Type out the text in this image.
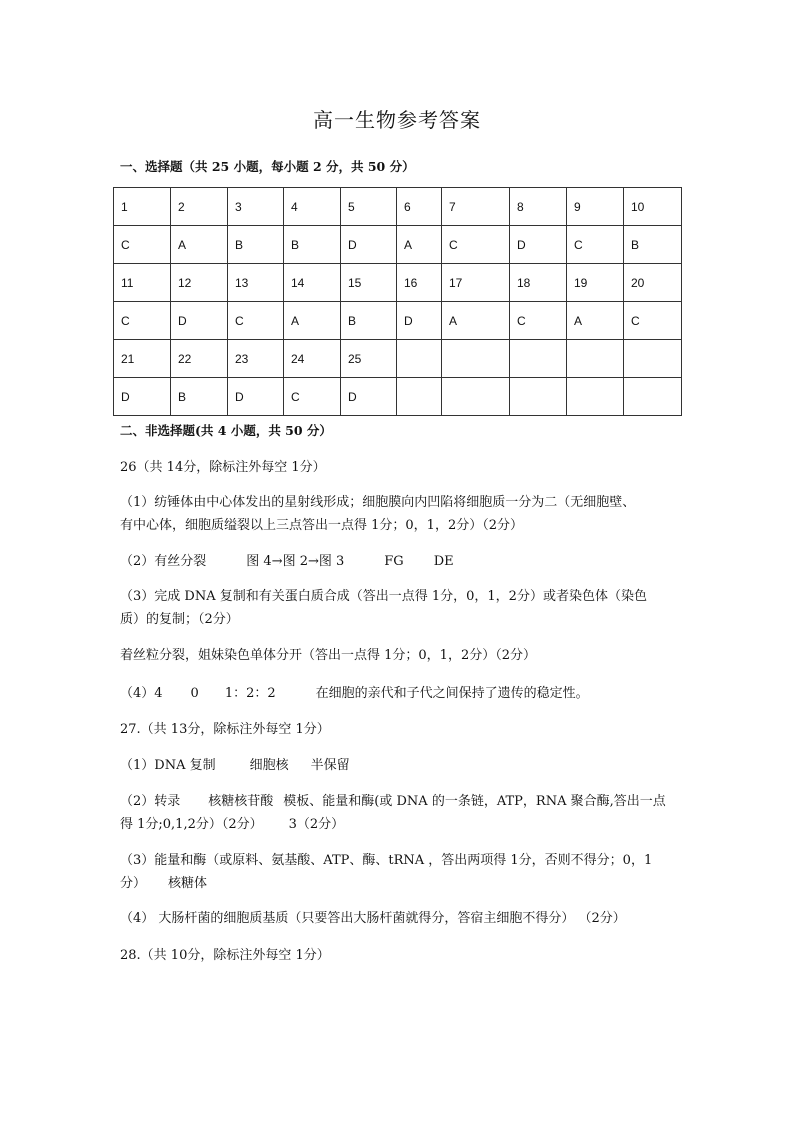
高一生物参考答案
一、选择题（共 25 小题，每小题 2 分，共 50 分）
1	2	3	4	5	6	7	8	9	10
C	A	B	B	D	A	C	D	C	B
11	12	13	14	15	16	17	18	19	20
C	D	C	A	B	D	A	C	A	C
21	22	23	24	25					
D	B	D	C	D					
二、非选择题(共 4 小题，共 50 分）
26（共 14分，除标注外每空 1分）
（1）纺锤体由中心体发出的星射线形成；细胞膜向内凹陷将细胞质一分为二（无细胞壁、
有中心体，细胞质缢裂以上三点答出一点得 1分；0，1，2分）（2分）
（2）有丝分裂	图 4→图 2→图 3	FG DE
（3）完成 DNA 复制和有关蛋白质合成（答出一点得 1分，0，1，2分）或者染色体（染色
质）的复制；（2分）
着丝粒分裂，姐妹染色单体分开（答出一点得 1分；0，1，2分）（2分）
（4）4 0 1：2：2	在细胞的亲代和子代之间保持了遗传的稳定性。
27.（共 13分，除标注外每空 1分）
（1）DNA 复制	细胞核 半保留
（2）转录 核糖核苷酸 模板、能量和酶(或 DNA 的一条链，ATP，RNA 聚合酶,答出一点
得 1分;0,1,2分）（2分） 3（2分）
（3）能量和酶（或原料、氨基酸、ATP、酶、tRNA ，答出两项得 1分，否则不得分；0，1
分） 核糖体
（4） 大肠杆菌的细胞质基质（只要答出大肠杆菌就得分，答宿主细胞不得分） （2分）
28.（共 10分，除标注外每空 1分）
